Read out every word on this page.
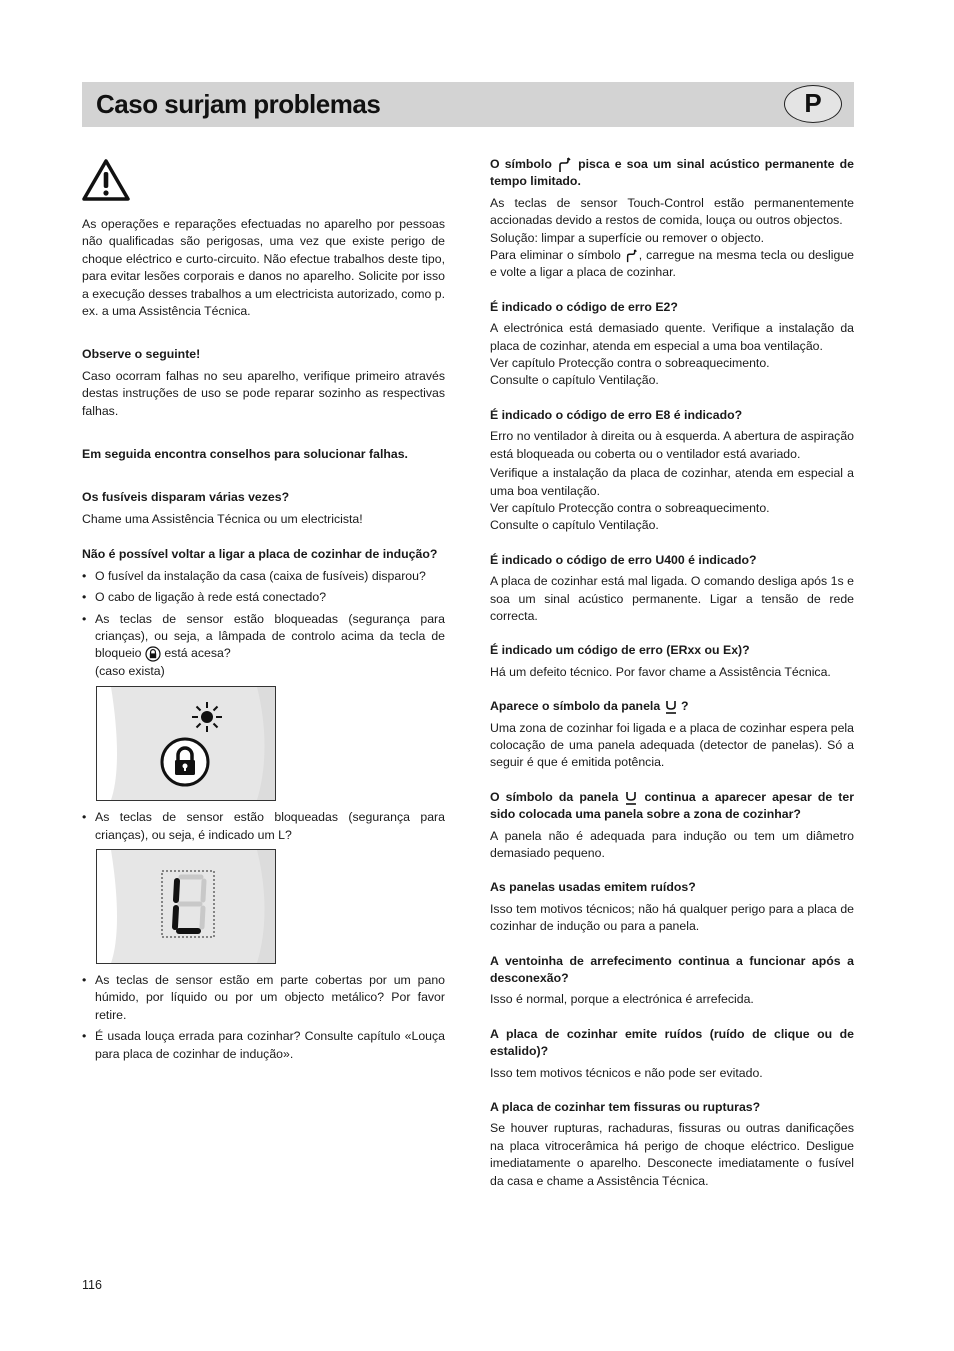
Caso surjam problemas	P

As operações e reparações efectuadas no aparelho por pessoas não qualificadas são perigosas, uma vez que existe perigo de choque eléctrico e curto-circuito. Não efectue trabalhos deste tipo, para evitar lesões corporais e danos no aparelho. Solicite por isso a execução desses trabalhos a um electricista autorizado, como p. ex. a uma Assistência Técnica.

Observe o seguinte!

Caso ocorram falhas no seu aparelho, verifique primeiro através destas instruções de uso se pode reparar sozinho as respectivas falhas.

Em seguida encontra conselhos para solucionar falhas.

Os fusíveis disparam várias vezes?

Chame uma Assistência Técnica ou um electricista!

Não é possível voltar a ligar a placa de cozinhar de indução?

• O fusível da instalação da casa (caixa de fusíveis) disparou?
• O cabo de ligação à rede está conectado?
• As teclas de sensor estão bloqueadas (segurança para crianças), ou seja, a lâmpada de controlo acima da tecla de bloqueio está acesa?
(caso exista)
• As teclas de sensor estão bloqueadas (segurança para crianças), ou seja, é indicado um L?
• As teclas de sensor estão em parte cobertas por um pano húmido, por líquido ou por um objecto metálico? Por favor retire.
• É usada louça errada para cozinhar? Consulte capítulo «Louça para placa de cozinhar de indução».

O símbolo pisca e soa um sinal acústico permanente de tempo limitado.

As teclas de sensor Touch-Control estão permanentemente accionadas devido a restos de comida, louça ou outros objectos.

Solução: limpar a superfície ou remover o objecto.

Para eliminar o símbolo , carregue na mesma tecla ou desligue e volte a ligar a placa de cozinhar.

É indicado o código de erro E2?

A electrónica está demasiado quente. Verifique a instalação da placa de cozinhar, atenda em especial a uma boa ventilação.

Ver capítulo Protecção contra o sobreaquecimento.

Consulte o capítulo Ventilação.

É indicado o código de erro E8 é indicado?

Erro no ventilador à direita ou à esquerda. A abertura de aspiração está bloqueada ou coberta ou o ventilador está avariado.

Verifique a instalação da placa de cozinhar, atenda em especial a uma boa ventilação.

Ver capítulo Protecção contra o sobreaquecimento.

Consulte o capítulo Ventilação.

É indicado o código de erro U400 é indicado?

A placa de cozinhar está mal ligada. O comando desliga após 1s e soa um sinal acústico permanente. Ligar a tensão de rede correcta.

É indicado um código de erro (ERxx ou Ex)?

Há um defeito técnico. Por favor chame a Assistência Técnica.

Aparece o símbolo da panela ?

Uma zona de cozinhar foi ligada e a placa de cozinhar espera pela colocação de uma panela adequada (detector de panelas). Só a seguir é que é emitida potência.

O símbolo da panela continua a aparecer apesar de ter sido colocada uma panela sobre a zona de cozinhar?

A panela não é adequada para indução ou tem um diâmetro demasiado pequeno.

As panelas usadas emitem ruídos?

Isso tem motivos técnicos; não há qualquer perigo para a placa de cozinhar de indução ou para a panela.

A ventoinha de arrefecimento continua a funcionar após a desconexão?

Isso é normal, porque a electrónica é arrefecida.

A placa de cozinhar emite ruídos (ruído de clique ou de estalido)?

Isso tem motivos técnicos e não pode ser evitado.

A placa de cozinhar tem fissuras ou rupturas?

Se houver rupturas, rachaduras, fissuras ou outras danificações na placa vitrocerâmica há perigo de choque eléctrico. Desligue imediatamente o aparelho. Desconecte imediatamente o fusível da casa e chame a Assistência Técnica.

116
